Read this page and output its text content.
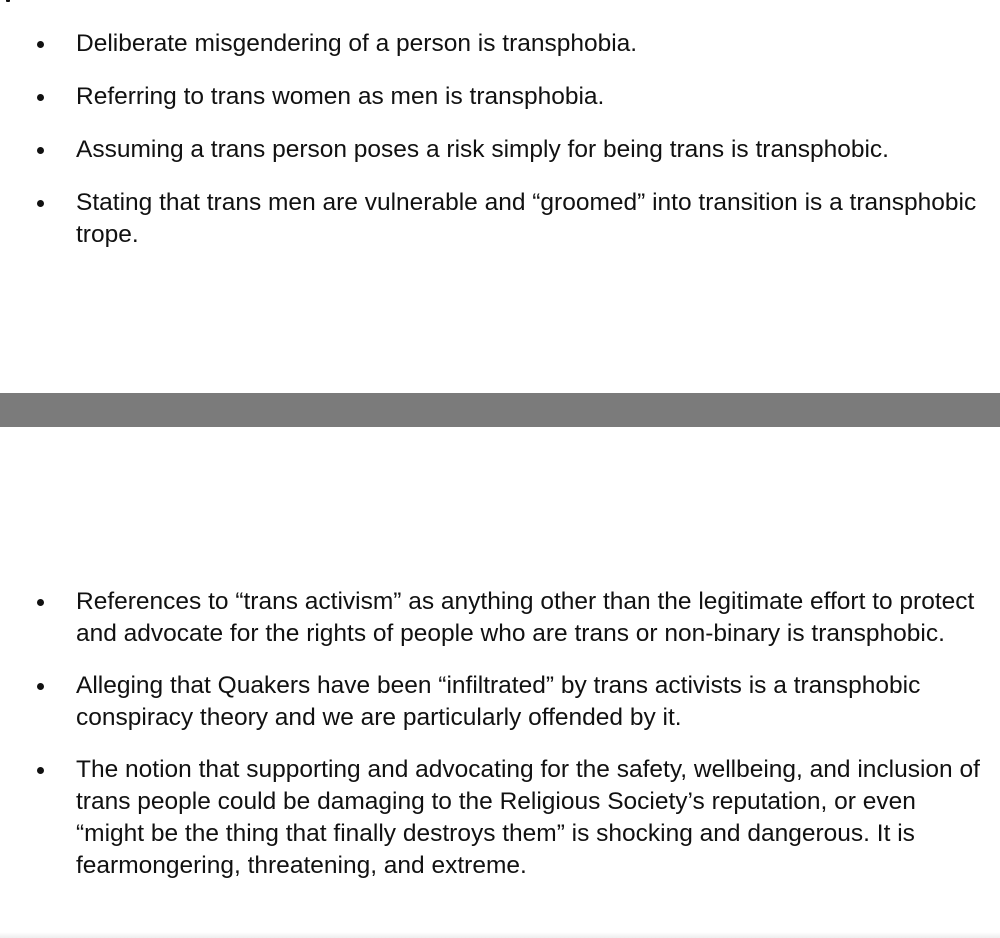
Deliberate misgendering of a person is transphobia.
Referring to trans women as men is transphobia.
Assuming a trans person poses a risk simply for being trans is transphobic.
Stating that trans men are vulnerable and “groomed” into transition is a transphobic trope.
References to “trans activism” as anything other than the legitimate effort to protect and advocate for the rights of people who are trans or non-binary is transphobic.
Alleging that Quakers have been “infiltrated” by trans activists is a transphobic conspiracy theory and we are particularly offended by it.
The notion that supporting and advocating for the safety, wellbeing, and inclusion of trans people could be damaging to the Religious Society’s reputation, or even “might be the thing that finally destroys them” is shocking and dangerous. It is fearmongering, threatening, and extreme.
